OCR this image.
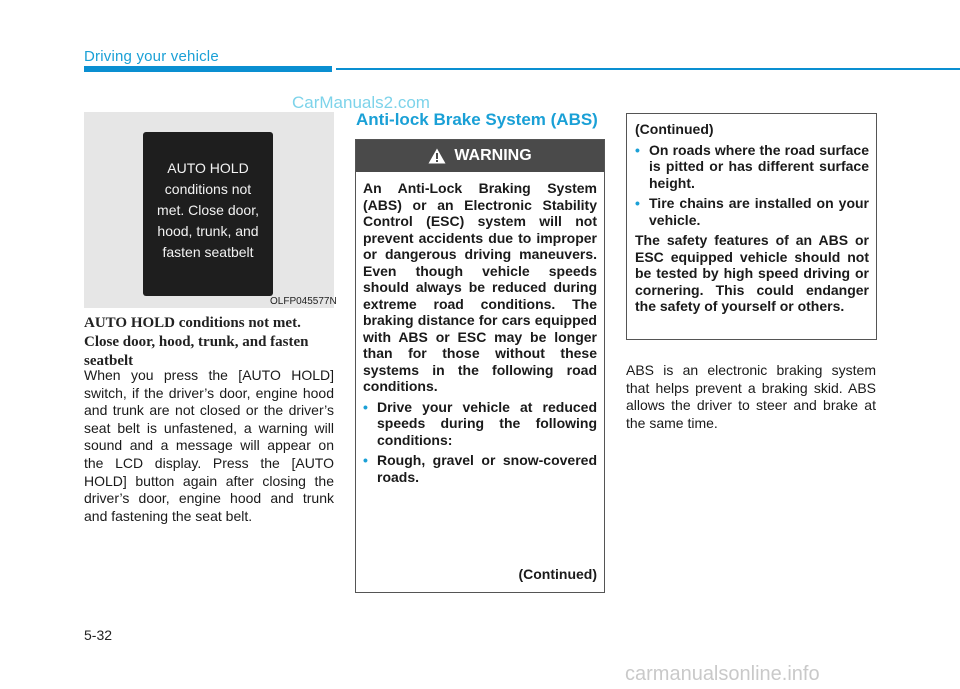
Driving your vehicle
CarManuals2.com
AUTO HOLD
conditions not
met. Close door,
hood, trunk, and
fasten seatbelt
OLFP045577N
AUTO HOLD conditions not met. Close door, hood, trunk, and fasten seatbelt

When you press the [AUTO HOLD] switch, if the driver’s door, engine hood and trunk are not closed or the driver’s seat belt is unfastened, a warning will sound and a message will appear on the LCD display. Press the [AUTO HOLD] button again after closing the driver’s door, engine hood and trunk and fastening the seat belt.

Anti-lock Brake System (ABS)
WARNING

An Anti-Lock Braking System (ABS) or an Electronic Stability Control (ESC) system will not prevent accidents due to improper or dangerous driving maneuvers. Even though vehicle speeds should always be reduced during extreme road conditions. The braking distance for cars equipped with ABS or ESC may be longer than for those without these systems in the following road conditions.

• Drive your vehicle at reduced speeds during the following conditions:
• Rough, gravel or snow-covered roads.
(Continued)

(Continued)

• On roads where the road surface is pitted or has different surface height.
• Tire chains are installed on your vehicle.

The safety features of an ABS or ESC equipped vehicle should not be tested by high speed driving or cornering. This could endanger the safety of yourself or others.

ABS is an electronic braking system that helps prevent a braking skid. ABS allows the driver to steer and brake at the same time.

5-32
carmanualsonline.info
